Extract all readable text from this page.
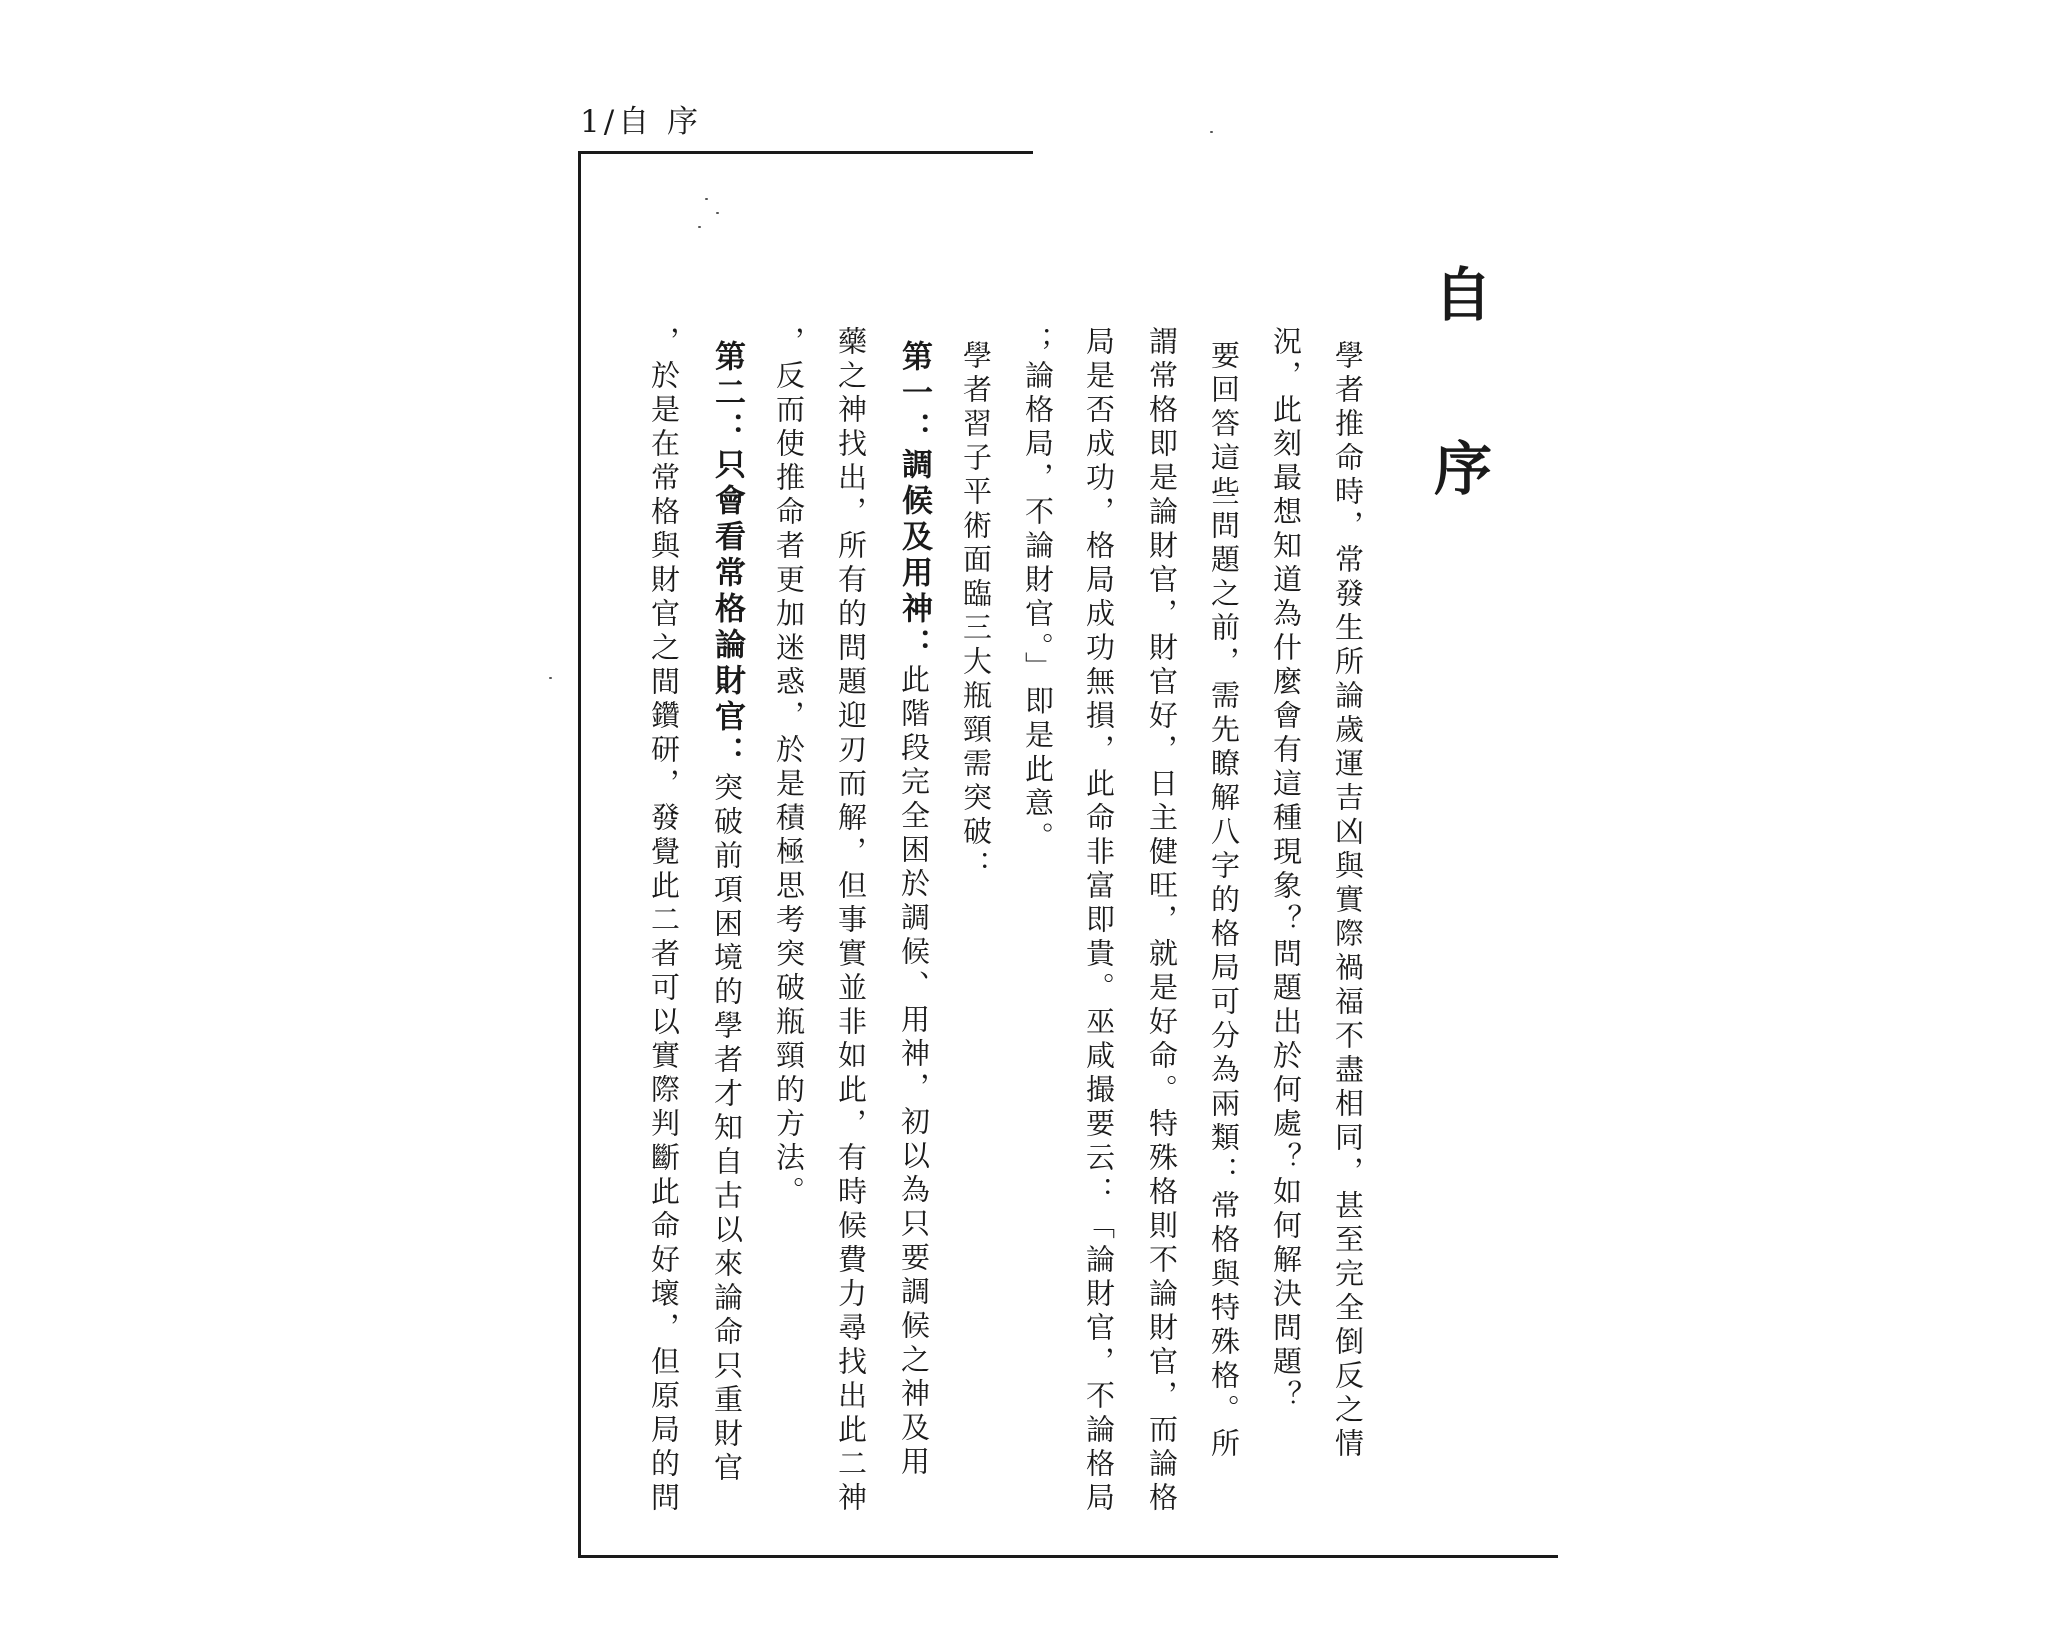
1/自 序
自
序
學者推命時，常發生所論歲運吉凶與實際禍福不盡相同，甚至完全倒反之情
況，此刻最想知道為什麼會有這種現象？問題出於何處？如何解決問題？
要回答這些問題之前，需先瞭解八字的格局可分為兩類：常格與特殊格。所
謂常格即是論財官，財官好，日主健旺，就是好命。特殊格則不論財官，而論格
局是否成功，格局成功無損，此命非富即貴。巫咸撮要云：「論財官，不論格局
；論格局，不論財官。」即是此意。
學者習子平術面臨三大瓶頸需突破：
第一：調候及用神：此階段完全困於調候、用神，初以為只要調候之神及用
藥之神找出，所有的問題迎刃而解，但事實並非如此，有時候費力尋找出此二神
，反而使推命者更加迷惑，於是積極思考突破瓶頸的方法。
第二：只會看常格論財官：突破前項困境的學者才知自古以來論命只重財官
，於是在常格與財官之間鑽研，發覺此二者可以實際判斷此命好壞，但原局的問
